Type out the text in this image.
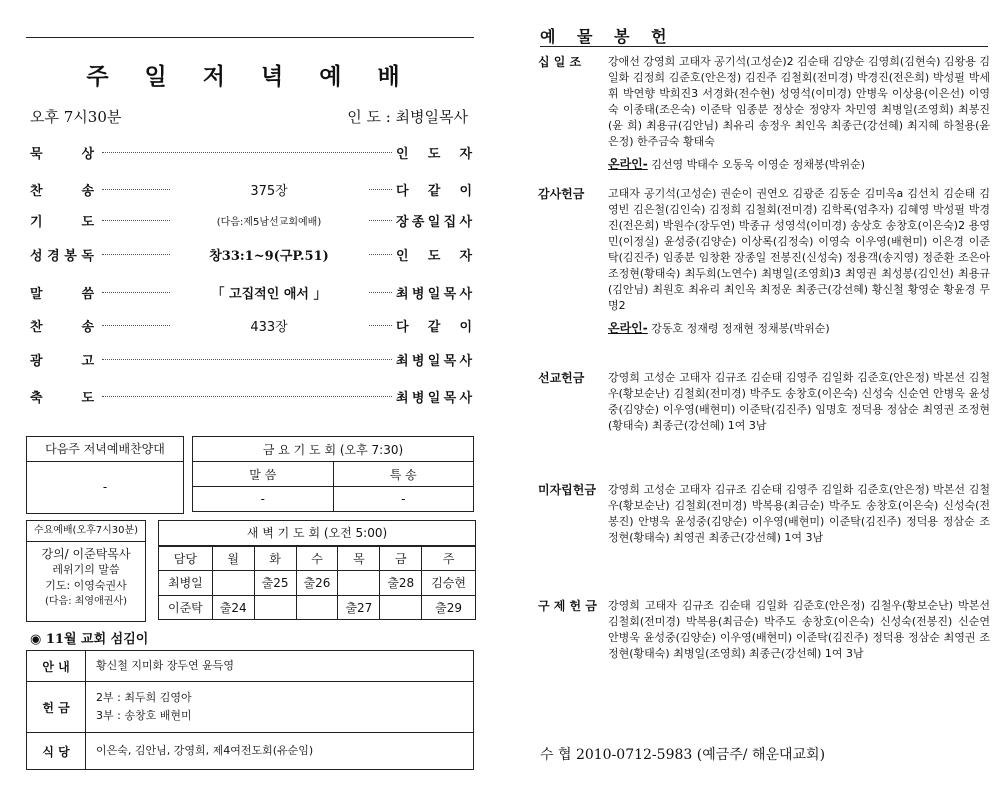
주 일 저 녁 예 배
오후 7시30분	인 도 : 최병일목사
묵	상	인 도 자
찬	송	375장	다 같 이
기	도	(다음:제5남선교회예배)	장 종 일 집 사
성 경 봉 독	창33:1~9(구P.51)	인 도 자
말	씀	「 고집적인 애서 」	최 병 일 목 사
찬	송	433장	다 같 이
광	고	최 병 일 목 사
축	도	최 병 일 목 사
다음주 저녁예배찬양대
-
금 요 기 도 회 (오후 7:30)	
말 씀	특 송
-	-
수요예배(오후7시30분)
강의/ 이준탁목사
레위기의 말씀
기도: 이영숙권사
(다음: 최영애권사)
새 벽 기 도 회 (오전 5:00)
담당	월	화	수	목	금	주
최병일		출25	출26		출28	김승현
이준탁	출24			출27		출29
◉ 11월 교회 섬김이
안 내	황신철 지미화 장두연 윤득영

헌 금	2부 : 최두희 김영아
3부 : 송창호 배현미

식 당	이은숙, 김안님, 강영희, 제4여전도회(유순임)
예 물 봉 헌
십 일 조	강애선 강영희 고태자 공기석(고성순)2 김순태 김양순 김영희(김현숙) 김왕용 김일화 김정희 김준호(안은정) 김진주 김철회(전미경) 박경진(전은희) 박성필 박세휘 박연향 박희진3 서경화(전수현) 성영석(이미경) 안병욱 이상용(이은선) 이영숙 이종태(조은숙) 이준탁 임종분 정상순 정양자 차민영 최병일(조영희) 최봉진(윤 희) 최용규(김안님) 최유리 송정우 최인옥 최종근(강선혜) 최지혜 하철용(윤은정) 한주금숙 황태숙
온라인- 김선영 박태수 오동욱 이영순 정채봉(박위순)
감사헌금	고태자 공기석(고성순) 권순이 권연오 김광준 김동순 김미옥a 김선치 김순태 김영빈 김은철(김인숙) 김정희 김철회(전미경) 김학록(엄추자) 김혜영 박성필 박경진(전은희) 박원수(장두연) 박종규 성영석(이미경) 송상호 송창호(이은숙)2 용영민(이정실) 윤성중(김양순) 이상록(김정숙) 이영숙 이우영(배현미) 이은경 이준탁(김진주) 임종분 임창환 장종일 전봉진(신성숙) 정용객(송지영) 정준환 조은아 조정현(황태숙) 최두희(노연수) 최병일(조영희)3 최영권 최성봉(김인선) 최용규(김안님) 최원호 최유리 최인옥 최정운 최종근(강선혜) 황신철 황영순 황윤경 무명2
온라인- 강동호 정재령 정재현 정채봉(박위순)
선교헌금	강영희 고성순 고태자 김규조 김순태 김영주 김일화 김준호(안은정) 박본선 김철우(황보순난) 김철회(전미경) 박주도 송창호(이은숙) 신성숙 신순연 안병욱 윤성중(김양순) 이우영(배현미) 이준탁(김진주) 임명호 정덕용 정삼순 최영권 조정현(황태숙) 최종근(강선혜) 1여 3남
미자립헌금	강영희 고성순 고태자 김규조 김순태 김영주 김일화 김준호(안은정) 박본선 김철우(황보순난) 김철회(전미경) 박복용(최금순) 박주도 송창호(이은숙) 신성숙(전봉진) 안병욱 윤성중(김양순) 이우영(배현미) 이준탁(김진주) 정덕용 정삼순 조정현(황태숙) 최영권 최종근(강선혜) 1여 3남
구 제 헌 금 강영희 고태자 김규조 김순태 김일화 김준호(안은정) 김철우(황보순난) 박본선 김철회(전미경) 박복용(최금순) 박주도 송창호(이은숙) 신성숙(전봉진) 신순연 안병욱 윤성중(김양순) 이우영(배현미) 이준탁(김진주) 정덕용 정삼순 최영권 조정현(황태숙) 최병일(조영희) 최종근(강선혜) 1여 3남
수 협 2010-0712-5983 (예금주/ 해운대교회)
